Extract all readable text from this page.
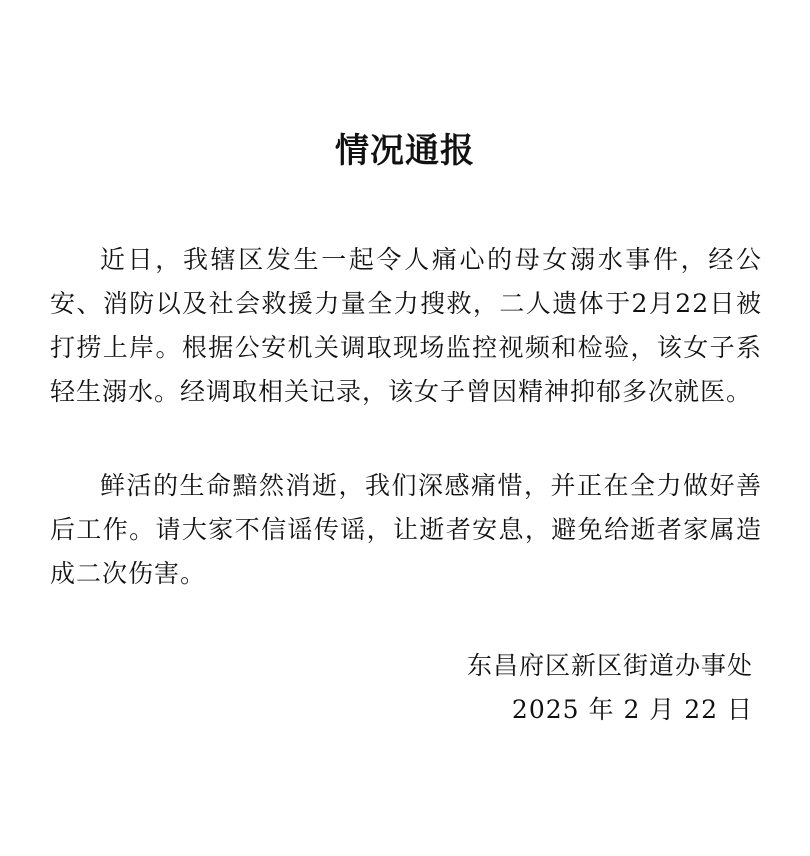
情况通报

近日，我辖区发生一起令人痛心的母女溺水事件，经公安、消防以及社会救援力量全力搜救，二人遗体于2月22日被打捞上岸。根据公安机关调取现场监控视频和检验，该女子系轻生溺水。经调取相关记录，该女子曾因精神抑郁多次就医。

鲜活的生命黯然消逝，我们深感痛惜，并正在全力做好善后工作。请大家不信谣传谣，让逝者安息，避免给逝者家属造成二次伤害。

东昌府区新区街道办事处
2025 年 2 月 22 日
